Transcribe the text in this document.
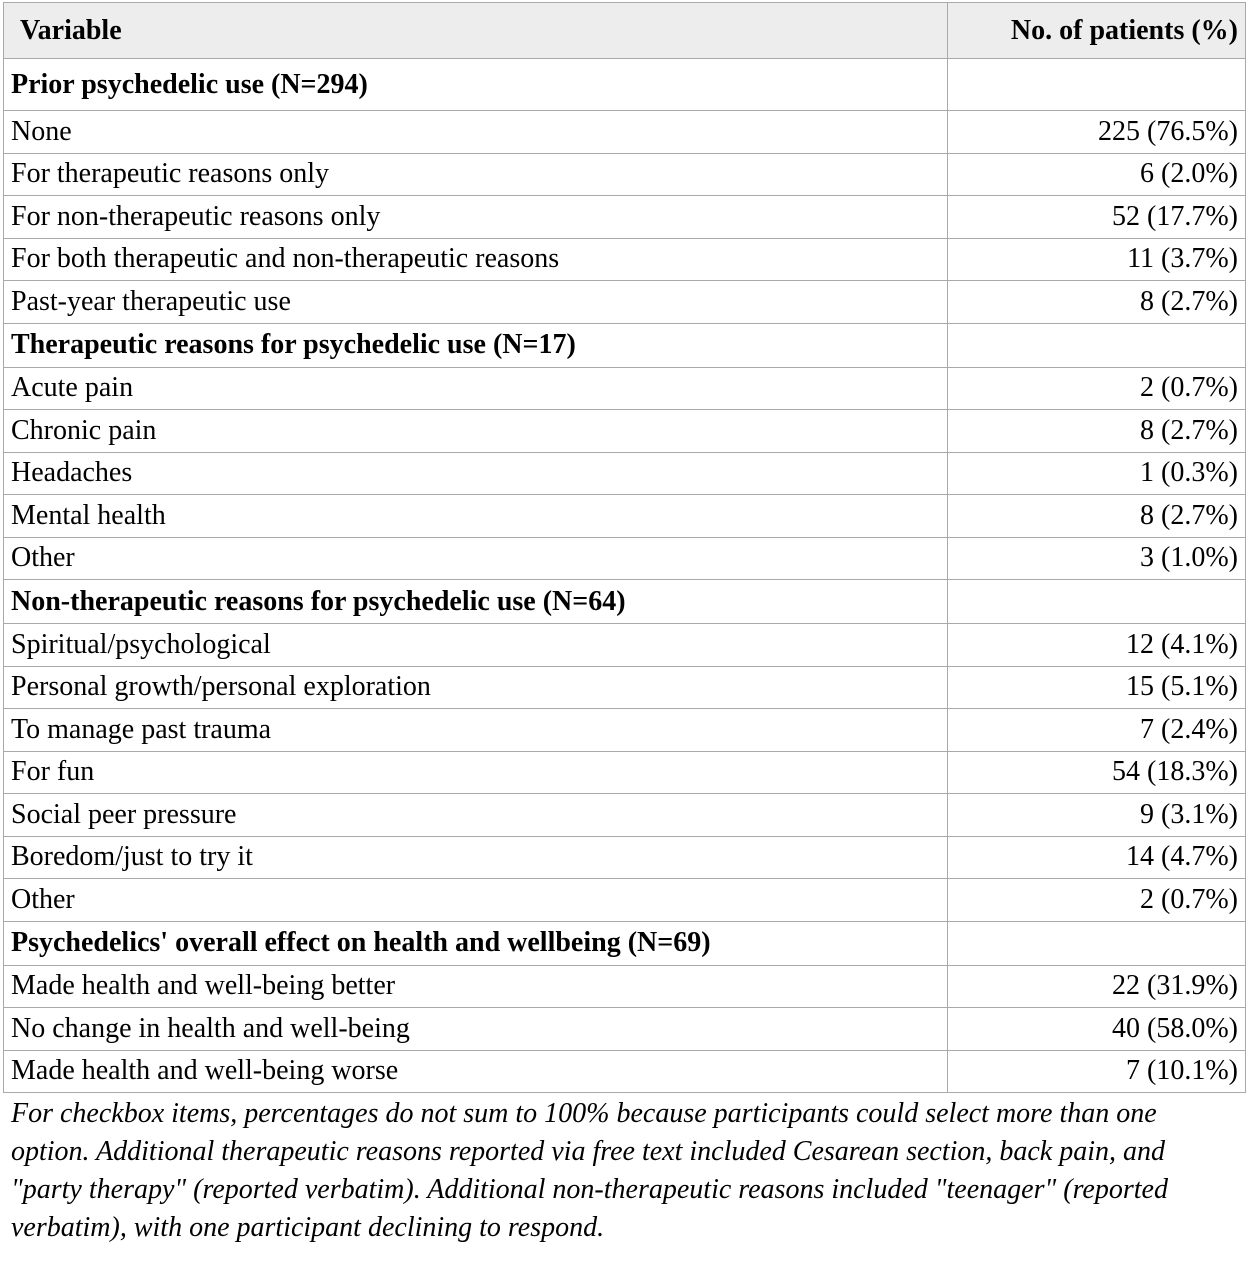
Variable	No. of patients (%)
Prior psychedelic use (N=294)	
None	225 (76.5%)
For therapeutic reasons only	6 (2.0%)
For non-therapeutic reasons only	52 (17.7%)
For both therapeutic and non-therapeutic reasons	11 (3.7%)
Past-year therapeutic use	8 (2.7%)
Therapeutic reasons for psychedelic use (N=17)	
Acute pain	2 (0.7%)
Chronic pain	8 (2.7%)
Headaches	1 (0.3%)
Mental health	8 (2.7%)
Other	3 (1.0%)
Non-therapeutic reasons for psychedelic use (N=64)	
Spiritual/psychological	12 (4.1%)
Personal growth/personal exploration	15 (5.1%)
To manage past trauma	7 (2.4%)
For fun	54 (18.3%)
Social peer pressure	9 (3.1%)
Boredom/just to try it	14 (4.7%)
Other	2 (0.7%)
Psychedelics' overall effect on health and wellbeing (N=69)	
Made health and well-being better	22 (31.9%)
No change in health and well-being	40 (58.0%)
Made health and well-being worse	7 (10.1%)
For checkbox items, percentages do not sum to 100% because participants could select more than one option. Additional therapeutic reasons reported via free text included Cesarean section, back pain, and "party therapy" (reported verbatim). Additional non-therapeutic reasons included "teenager" (reported verbatim), with one participant declining to respond.
